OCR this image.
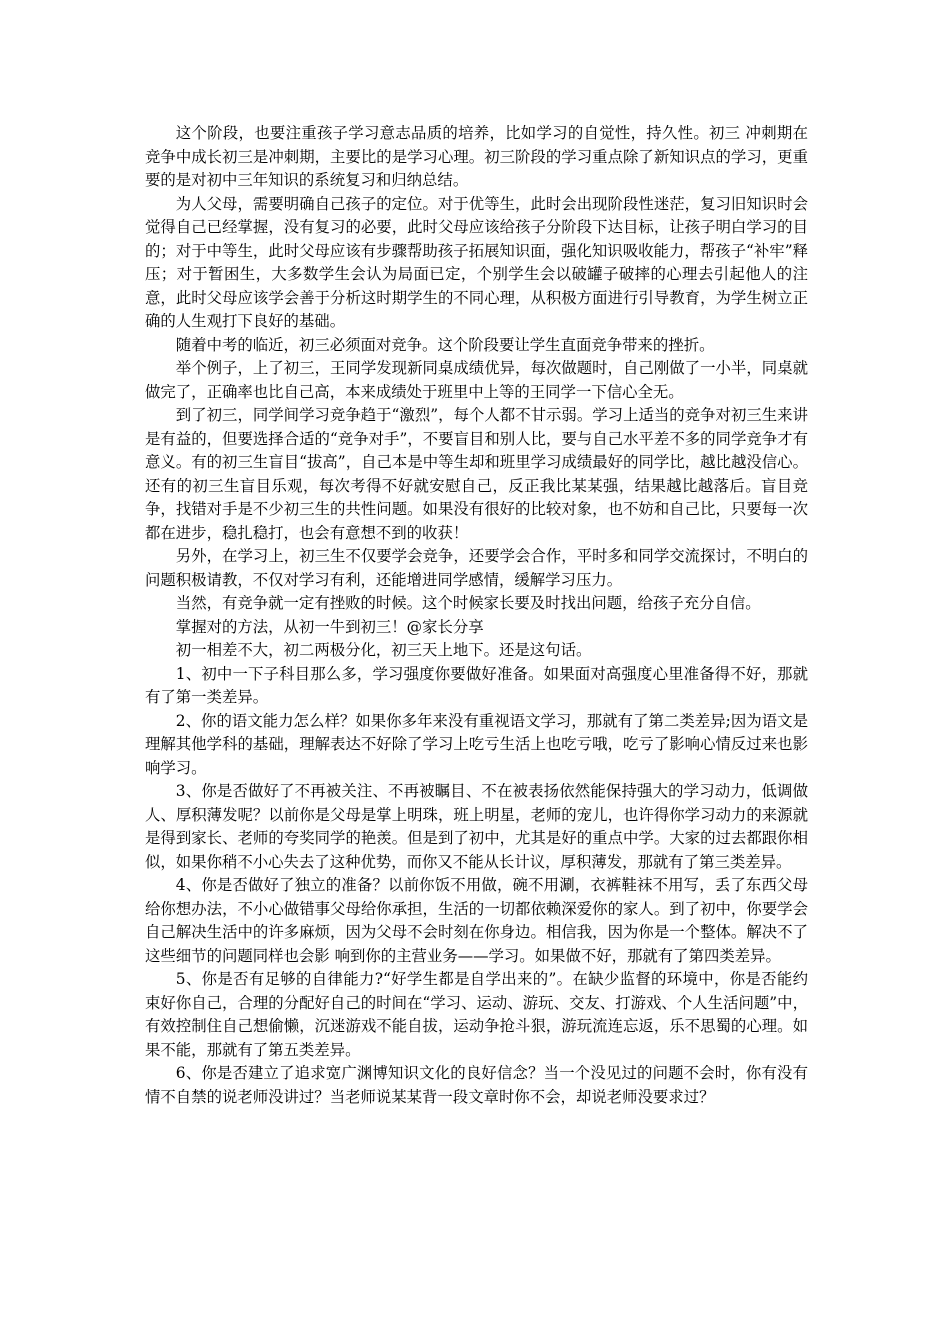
这个阶段，也要注重孩子学习意志品质的培养，比如学习的自觉性，持久性。初三 冲刺期在竞争中成长初三是冲刺期，主要比的是学习心理。初三阶段的学习重点除了新知识点的学习，更重要的是对初中三年知识的系统复习和归纳总结。

为人父母，需要明确自己孩子的定位。对于优等生，此时会出现阶段性迷茫，复习旧知识时会觉得自己已经掌握，没有复习的必要，此时父母应该给孩子分阶段下达目标，让孩子明白学习的目的；对于中等生，此时父母应该有步骤帮助孩子拓展知识面，强化知识吸收能力，帮孩子“补牢”释压；对于暂困生，大多数学生会认为局面已定，个别学生会以破罐子破摔的心理去引起他人的注意，此时父母应该学会善于分析这时期学生的不同心理，从积极方面进行引导教育，为学生树立正确的人生观打下良好的基础。

随着中考的临近，初三必须面对竞争。这个阶段要让学生直面竞争带来的挫折。

举个例子，上了初三，王同学发现新同桌成绩优异，每次做题时，自己刚做了一小半，同桌就做完了，正确率也比自己高，本来成绩处于班里中上等的王同学一下信心全无。

到了初三，同学间学习竞争趋于“激烈”，每个人都不甘示弱。学习上适当的竞争对初三生来讲是有益的，但要选择合适的“竞争对手”，不要盲目和别人比，要与自己水平差不多的同学竞争才有意义。有的初三生盲目“拔高”，自己本是中等生却和班里学习成绩最好的同学比，越比越没信心。还有的初三生盲目乐观，每次考得不好就安慰自己，反正我比某某强，结果越比越落后。盲目竞争，找错对手是不少初三生的共性问题。如果没有很好的比较对象，也不妨和自己比，只要每一次都在进步，稳扎稳打，也会有意想不到的收获！

另外，在学习上，初三生不仅要学会竞争，还要学会合作，平时多和同学交流探讨，不明白的问题积极请教，不仅对学习有利，还能增进同学感情，缓解学习压力。

当然，有竞争就一定有挫败的时候。这个时候家长要及时找出问题，给孩子充分自信。

掌握对的方法，从初一牛到初三！@家长分享

初一相差不大，初二两极分化，初三天上地下。还是这句话。

1、初中一下子科目那么多，学习强度你要做好准备。如果面对高强度心里准备得不好，那就有了第一类差异。

2、你的语文能力怎么样？如果你多年来没有重视语文学习，那就有了第二类差异;因为语文是理解其他学科的基础，理解表达不好除了学习上吃亏生活上也吃亏哦，吃亏了影响心情反过来也影响学习。

3、你是否做好了不再被关注、不再被瞩目、不在被表扬依然能保持强大的学习动力，低调做人、厚积薄发呢？以前你是父母是掌上明珠，班上明星，老师的宠儿，也许得你学习动力的来源就是得到家长、老师的夸奖同学的艳羡。但是到了初中，尤其是好的重点中学。大家的过去都跟你相似，如果你稍不小心失去了这种优势，而你又不能从长计议，厚积薄发，那就有了第三类差异。

4、你是否做好了独立的准备？以前你饭不用做，碗不用涮，衣裤鞋袜不用写，丢了东西父母给你想办法，不小心做错事父母给你承担，生活的一切都依赖深爱你的家人。到了初中，你要学会自己解决生活中的许多麻烦，因为父母不会时刻在你身边。相信我，因为你是一个整体。解决不了这些细节的问题同样也会影 响到你的主营业务——学习。如果做不好，那就有了第四类差异。

5、你是否有足够的自律能力?“好学生都是自学出来的”。在缺少监督的环境中，你是否能约束好你自己，合理的分配好自己的时间在“学习、运动、游玩、交友、打游戏、个人生活问题”中，有效控制住自己想偷懒，沉迷游戏不能自拔，运动争抢斗狠，游玩流连忘返，乐不思蜀的心理。如果不能，那就有了第五类差异。

6、你是否建立了追求宽广渊博知识文化的良好信念？当一个没见过的问题不会时，你有没有情不自禁的说老师没讲过？当老师说某某背一段文章时你不会，却说老师没要求过？
